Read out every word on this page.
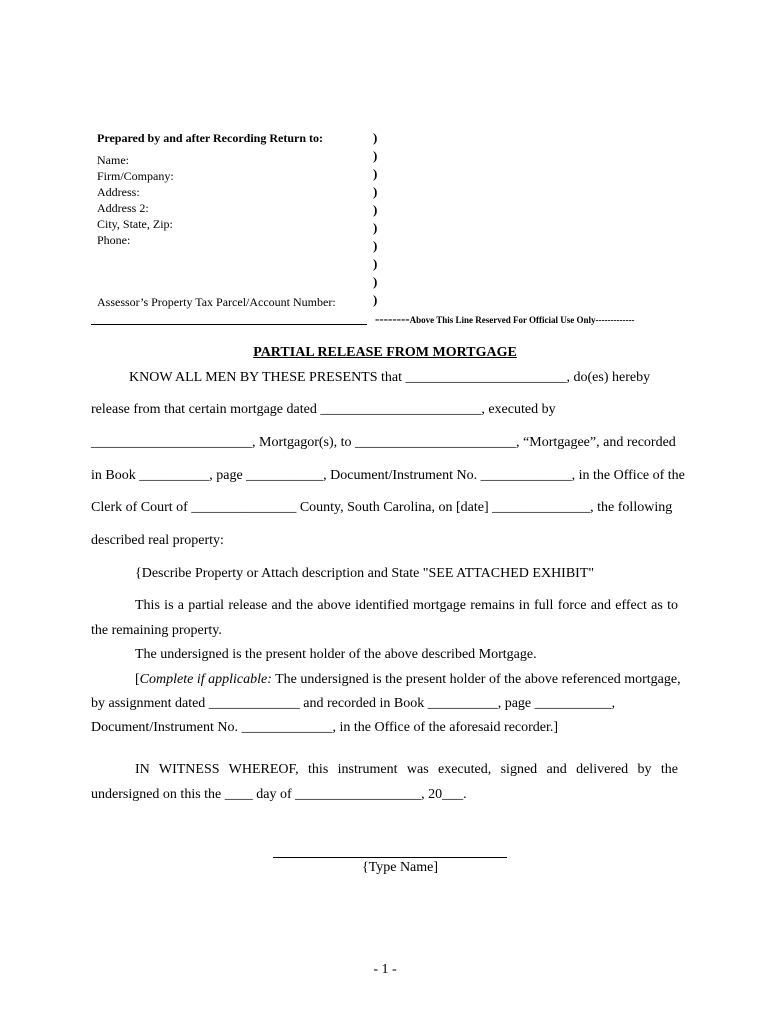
Prepared by and after Recording Return to:
Name:
Firm/Company:
Address:
Address 2:
City, State, Zip:
Phone:
Assessor’s Property Tax Parcel/Account Number:
)
)
)
)
)
)
)
)
)
)
--------Above This Line Reserved For Official Use Only-------------
PARTIAL RELEASE FROM MORTGAGE
KNOW ALL MEN BY THESE PRESENTS that _______________________, do(es) hereby
release from that certain mortgage dated _______________________, executed by
_______________________, Mortgagor(s), to _______________________, “Mortgagee”, and recorded
in Book __________, page ___________, Document/Instrument No. _____________, in the Office of the
Clerk of Court of _______________ County, South Carolina, on [date] ______________, the following
described real property:
{Describe Property or Attach description and State "SEE ATTACHED EXHIBIT"
This is a partial release and the above identified mortgage remains in full force and effect as to
the remaining property.
The undersigned is the present holder of the above described Mortgage.
[Complete if applicable: The undersigned is the present holder of the above referenced mortgage,
by assignment dated _____________ and recorded in Book __________, page ___________,
Document/Instrument No. _____________, in the Office of the aforesaid recorder.]
IN WITNESS WHEREOF, this instrument was executed, signed and delivered by the
undersigned on this the ____ day of __________________, 20___.
{Type Name]
- 1 -
